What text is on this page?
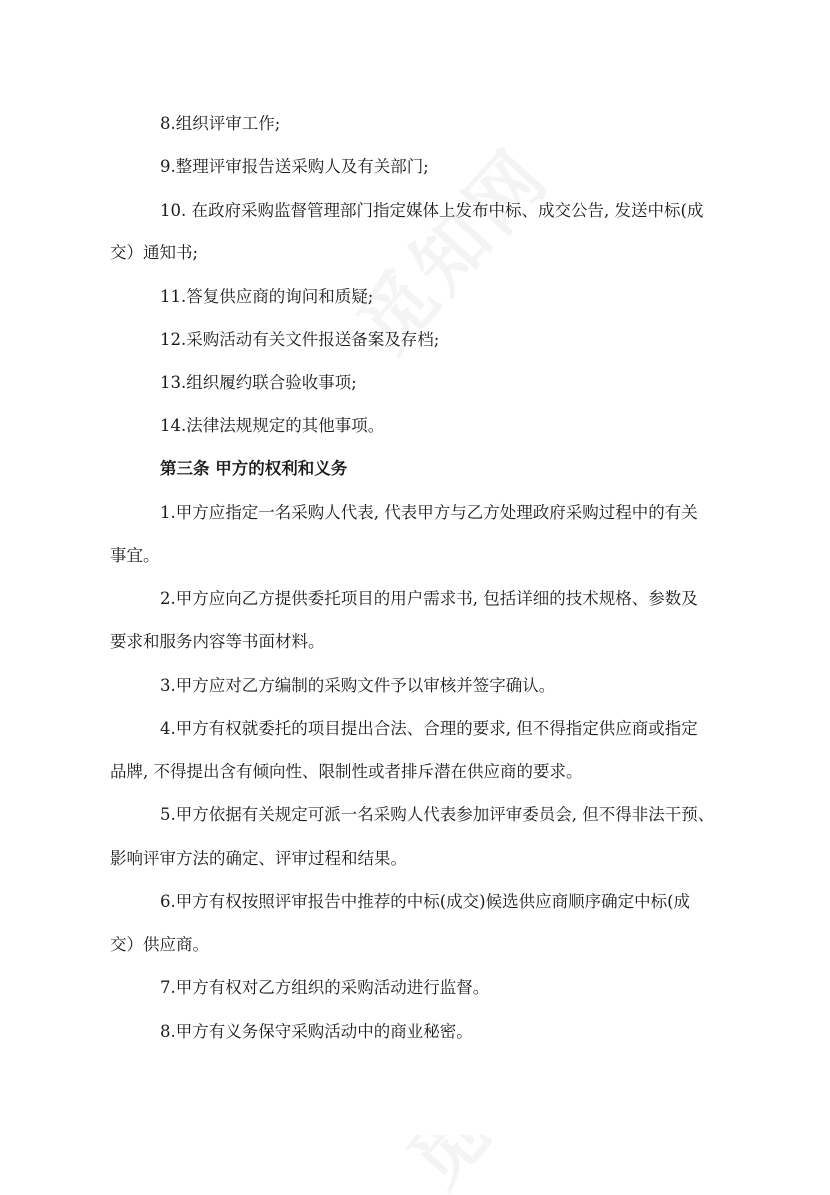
8.组织评审工作;
9.整理评审报告送采购人及有关部门;
10. 在政府采购监督管理部门指定媒体上发布中标、成交公告, 发送中标(成
交）通知书;
11.答复供应商的询问和质疑;
12.采购活动有关文件报送备案及存档;
13.组织履约联合验收事项;
14.法律法规规定的其他事项。
第三条 甲方的权利和义务
1.甲方应指定一名采购人代表, 代表甲方与乙方处理政府采购过程中的有关
事宜。
2.甲方应向乙方提供委托项目的用户需求书, 包括详细的技术规格、参数及
要求和服务内容等书面材料。
3.甲方应对乙方编制的采购文件予以审核并签字确认。
4.甲方有权就委托的项目提出合法、合理的要求, 但不得指定供应商或指定
品牌, 不得提出含有倾向性、限制性或者排斥潜在供应商的要求。
5.甲方依据有关规定可派一名采购人代表参加评审委员会, 但不得非法干预、
影响评审方法的确定、评审过程和结果。
6.甲方有权按照评审报告中推荐的中标(成交)候选供应商顺序确定中标(成
交）供应商。
7.甲方有权对乙方组织的采购活动进行监督。
8.甲方有义务保守采购活动中的商业秘密。
